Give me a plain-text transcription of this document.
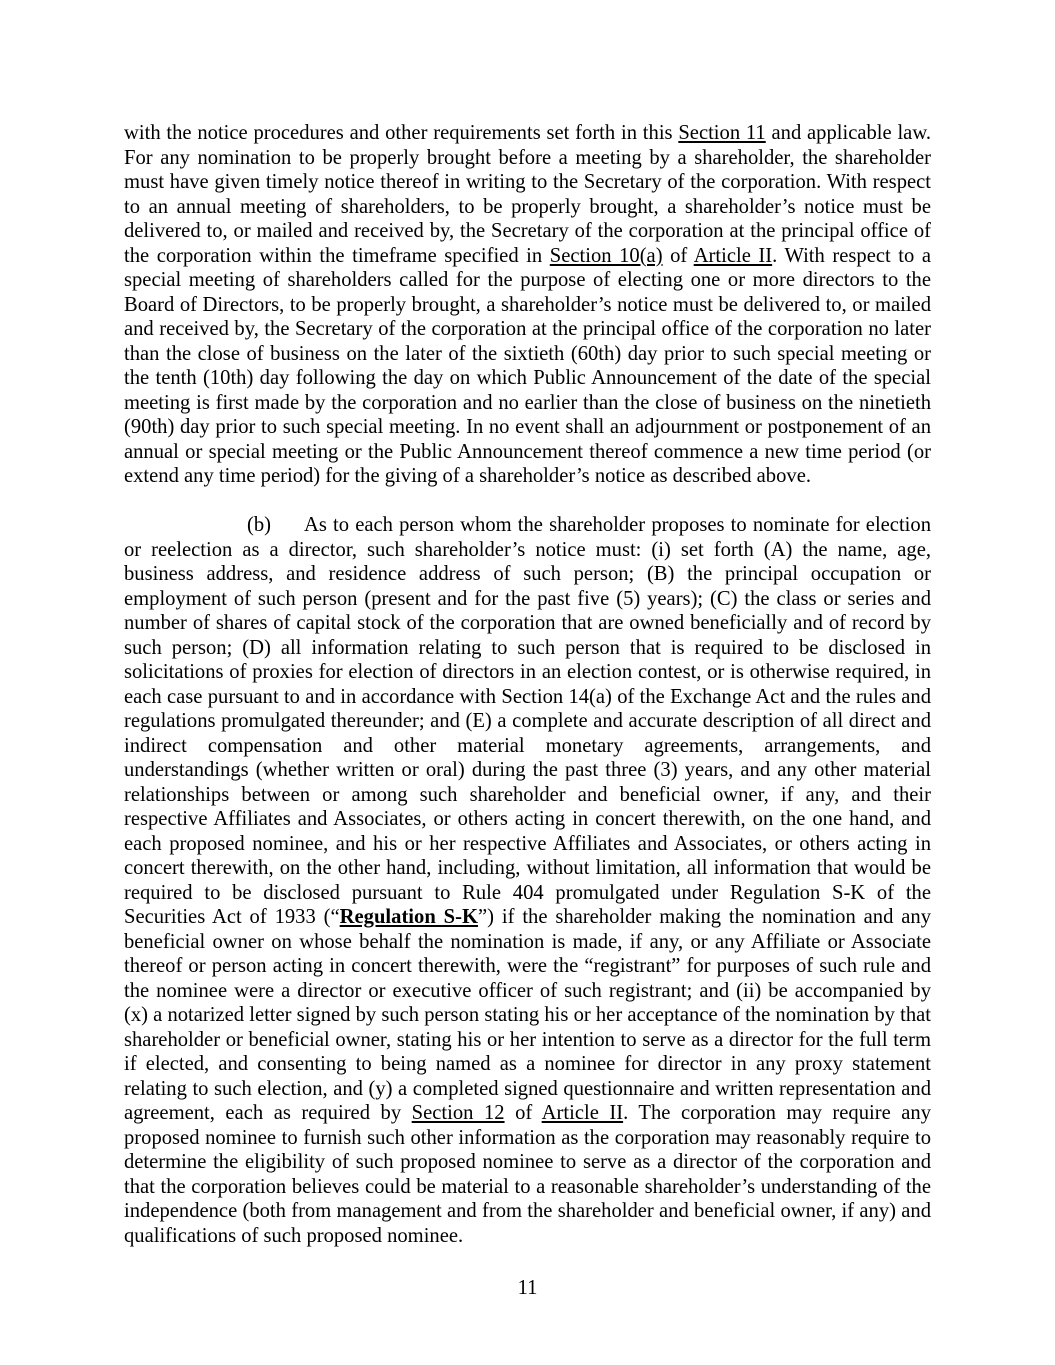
with the notice procedures and other requirements set forth in this Section 11 and applicable law. For any nomination to be properly brought before a meeting by a shareholder, the shareholder must have given timely notice thereof in writing to the Secretary of the corporation. With respect to an annual meeting of shareholders, to be properly brought, a shareholder’s notice must be delivered to, or mailed and received by, the Secretary of the corporation at the principal office of the corporation within the timeframe specified in Section 10(a) of Article II. With respect to a special meeting of shareholders called for the purpose of electing one or more directors to the Board of Directors, to be properly brought, a shareholder’s notice must be delivered to, or mailed and received by, the Secretary of the corporation at the principal office of the corporation no later than the close of business on the later of the sixtieth (60th) day prior to such special meeting or the tenth (10th) day following the day on which Public Announcement of the date of the special meeting is first made by the corporation and no earlier than the close of business on the ninetieth (90th) day prior to such special meeting. In no event shall an adjournment or postponement of an annual or special meeting or the Public Announcement thereof commence a new time period (or extend any time period) for the giving of a shareholder’s notice as described above.

(b) As to each person whom the shareholder proposes to nominate for election or reelection as a director, such shareholder’s notice must: (i) set forth (A) the name, age, business address, and residence address of such person; (B) the principal occupation or employment of such person (present and for the past five (5) years); (C) the class or series and number of shares of capital stock of the corporation that are owned beneficially and of record by such person; (D) all information relating to such person that is required to be disclosed in solicitations of proxies for election of directors in an election contest, or is otherwise required, in each case pursuant to and in accordance with Section 14(a) of the Exchange Act and the rules and regulations promulgated thereunder; and (E) a complete and accurate description of all direct and indirect compensation and other material monetary agreements, arrangements, and understandings (whether written or oral) during the past three (3) years, and any other material relationships between or among such shareholder and beneficial owner, if any, and their respective Affiliates and Associates, or others acting in concert therewith, on the one hand, and each proposed nominee, and his or her respective Affiliates and Associates, or others acting in concert therewith, on the other hand, including, without limitation, all information that would be required to be disclosed pursuant to Rule 404 promulgated under Regulation S-K of the Securities Act of 1933 (“Regulation S-K”) if the shareholder making the nomination and any beneficial owner on whose behalf the nomination is made, if any, or any Affiliate or Associate thereof or person acting in concert therewith, were the “registrant” for purposes of such rule and the nominee were a director or executive officer of such registrant; and (ii) be accompanied by (x) a notarized letter signed by such person stating his or her acceptance of the nomination by that shareholder or beneficial owner, stating his or her intention to serve as a director for the full term if elected, and consenting to being named as a nominee for director in any proxy statement relating to such election, and (y) a completed signed questionnaire and written representation and agreement, each as required by Section 12 of Article II. The corporation may require any proposed nominee to furnish such other information as the corporation may reasonably require to determine the eligibility of such proposed nominee to serve as a director of the corporation and that the corporation believes could be material to a reasonable shareholder’s understanding of the independence (both from management and from the shareholder and beneficial owner, if any) and qualifications of such proposed nominee.

11
